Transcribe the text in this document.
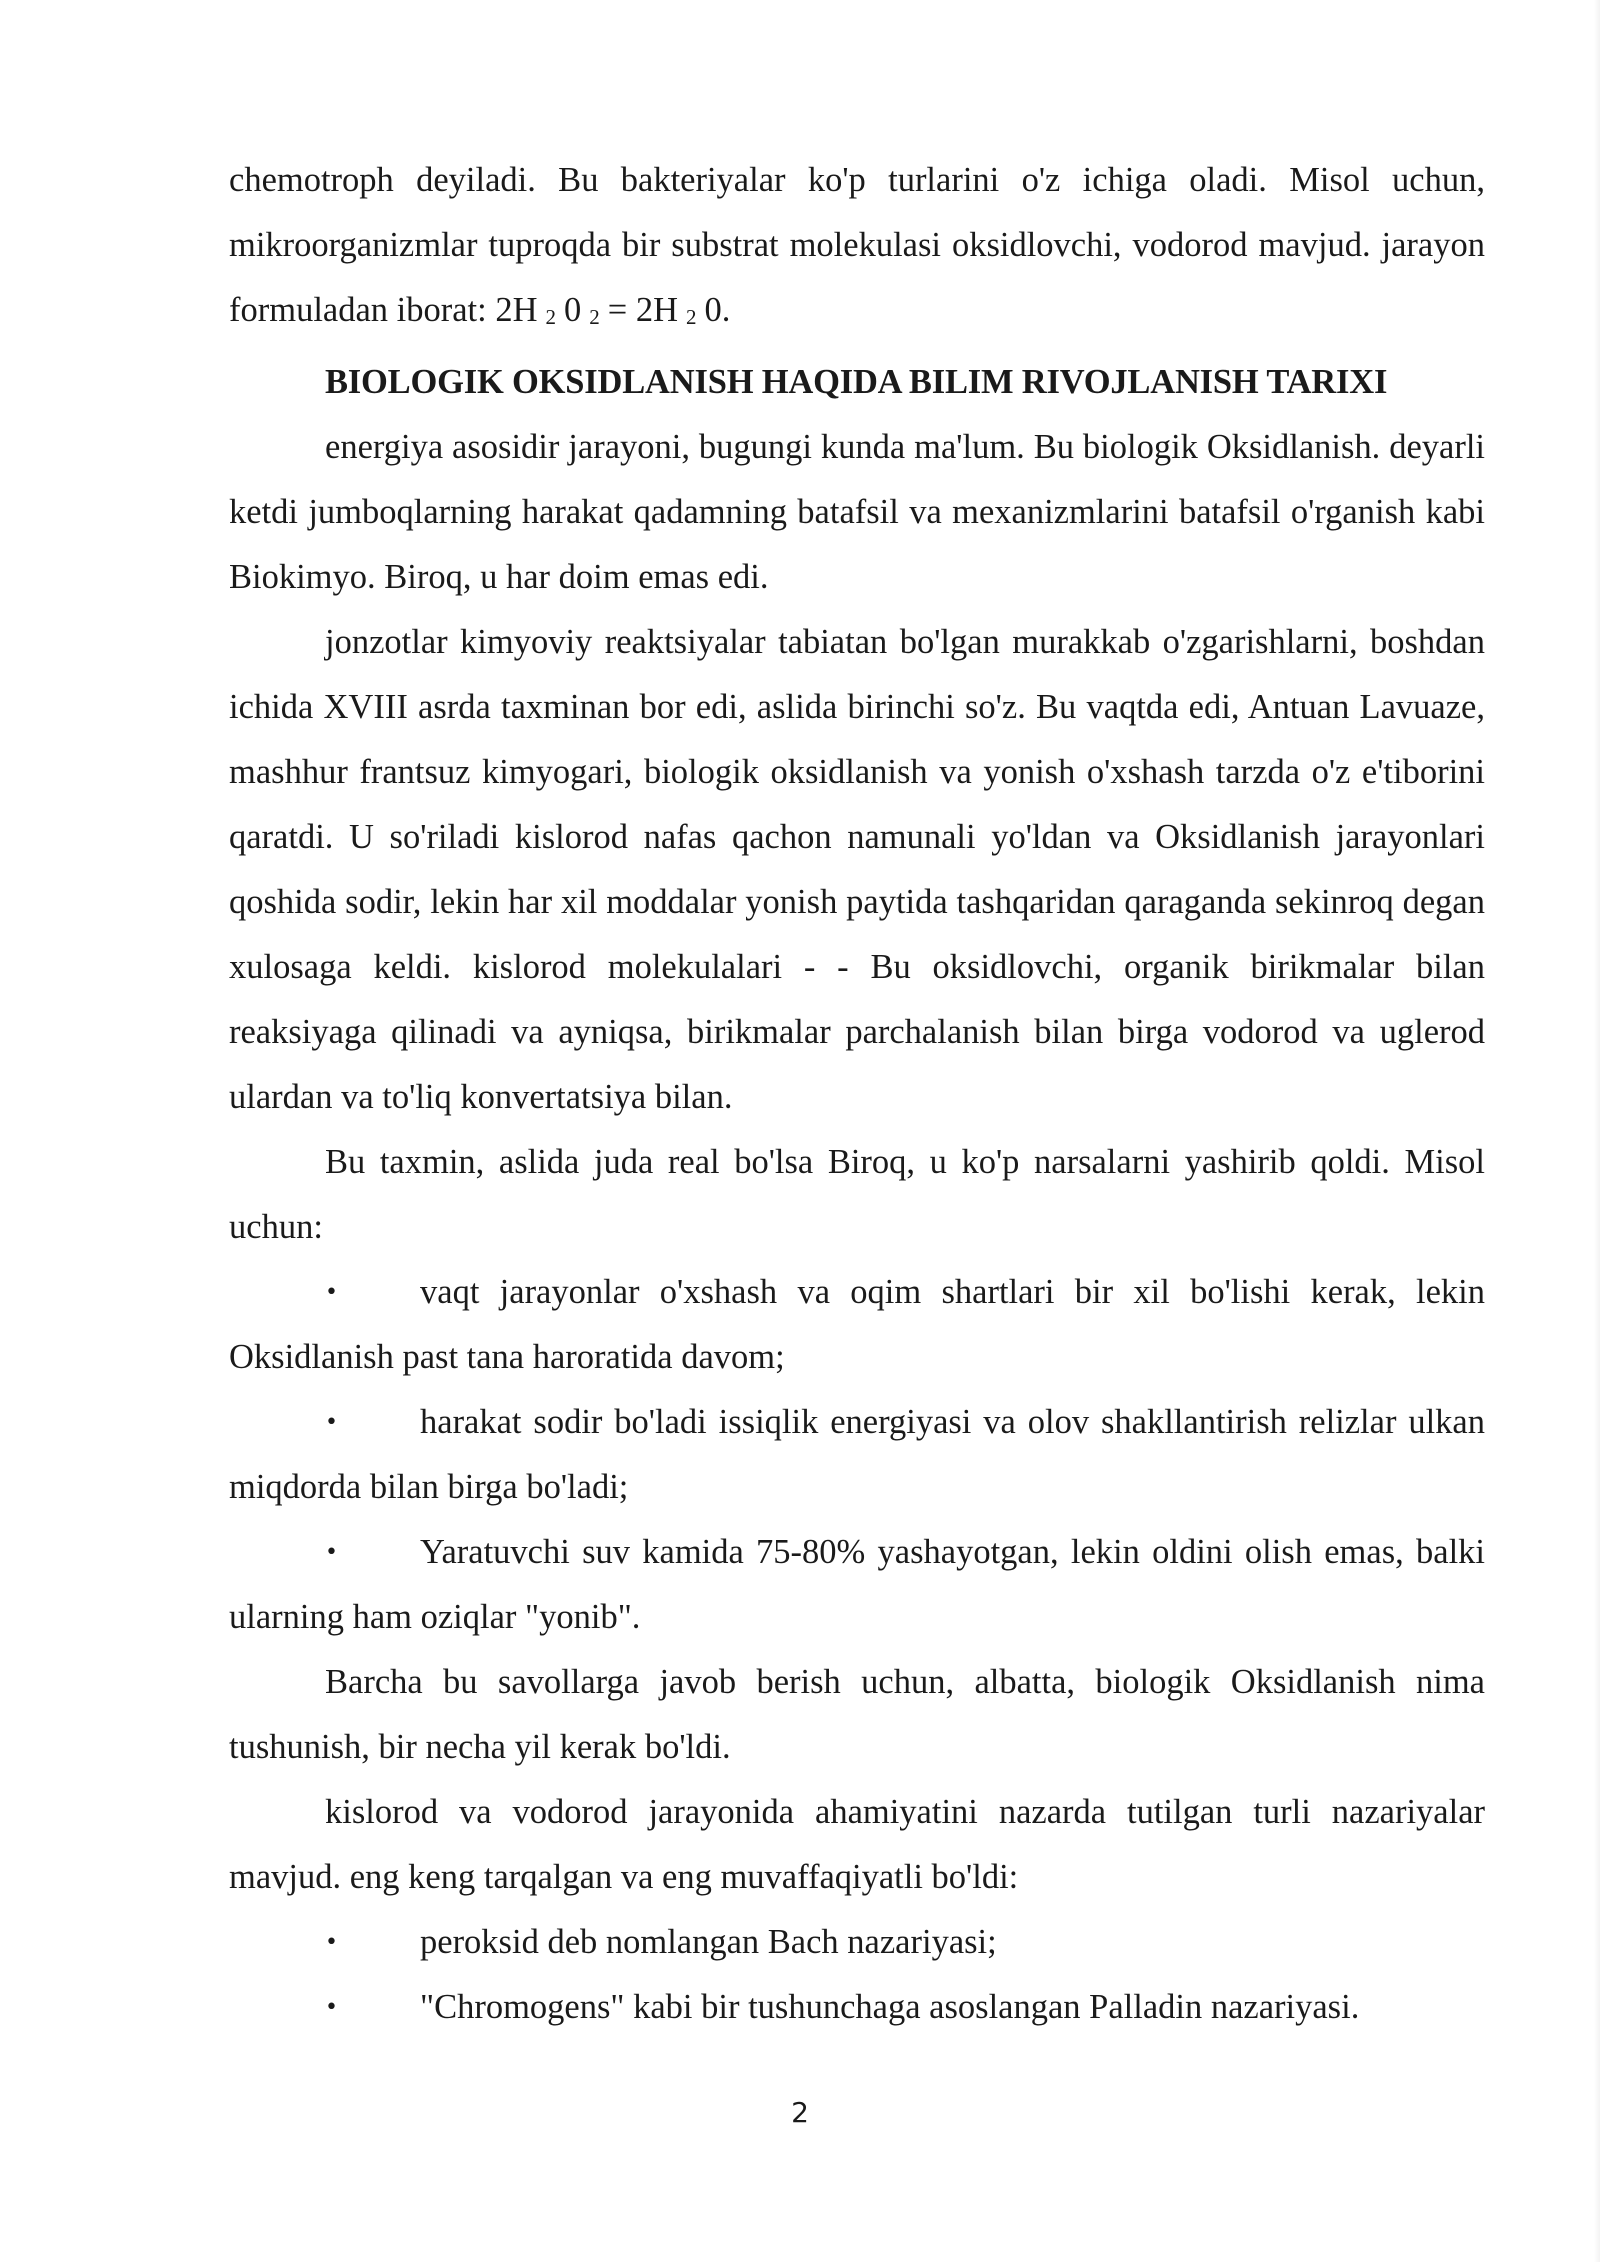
chemotroph deyiladi. Bu bakteriyalar ko'p turlarini o'z ichiga oladi. Misol uchun, mikroorganizmlar tuproqda bir substrat molekulasi oksidlovchi, vodorod mavjud. jarayon formuladan iborat: 2H 2 0 2 = 2H 2 0.

BIOLOGIK OKSIDLANISH HAQIDA BILIM RIVOJLANISH TARIXI

energiya asosidir jarayoni, bugungi kunda ma'lum. Bu biologik Oksidlanish. deyarli ketdi jumboqlarning harakat qadamning batafsil va mexanizmlarini batafsil o'rganish kabi Biokimyo. Biroq, u har doim emas edi.

jonzotlar kimyoviy reaktsiyalar tabiatan bo'lgan murakkab o'zgarishlarni, boshdan ichida XVIII asrda taxminan bor edi, aslida birinchi so'z. Bu vaqtda edi, Antuan Lavuaze, mashhur frantsuz kimyogari, biologik oksidlanish va yonish o'xshash tarzda o'z e'tiborini qaratdi. U so'riladi kislorod nafas qachon namunali yo'ldan va Oksidlanish jarayonlari qoshida sodir, lekin har xil moddalar yonish paytida tashqaridan qaraganda sekinroq degan xulosaga keldi. kislorod molekulalari - - Bu oksidlovchi, organik birikmalar bilan reaksiyaga qilinadi va ayniqsa, birikmalar parchalanish bilan birga vodorod va uglerod ulardan va to'liq konvertatsiya bilan.

Bu taxmin, aslida juda real bo'lsa Biroq, u ko'p narsalarni yashirib qoldi. Misol uchun:

• vaqt jarayonlar o'xshash va oqim shartlari bir xil bo'lishi kerak, lekin Oksidlanish past tana haroratida davom;

• harakat sodir bo'ladi issiqlik energiyasi va olov shakllantirish relizlar ulkan miqdorda bilan birga bo'ladi;

• Yaratuvchi suv kamida 75-80% yashayotgan, lekin oldini olish emas, balki ularning ham oziqlar "yonib".

Barcha bu savollarga javob berish uchun, albatta, biologik Oksidlanish nima tushunish, bir necha yil kerak bo'ldi.

kislorod va vodorod jarayonida ahamiyatini nazarda tutilgan turli nazariyalar mavjud. eng keng tarqalgan va eng muvaffaqiyatli bo'ldi:

• peroksid deb nomlangan Bach nazariyasi;

• "Chromogens" kabi bir tushunchaga asoslangan Palladin nazariyasi.

2
